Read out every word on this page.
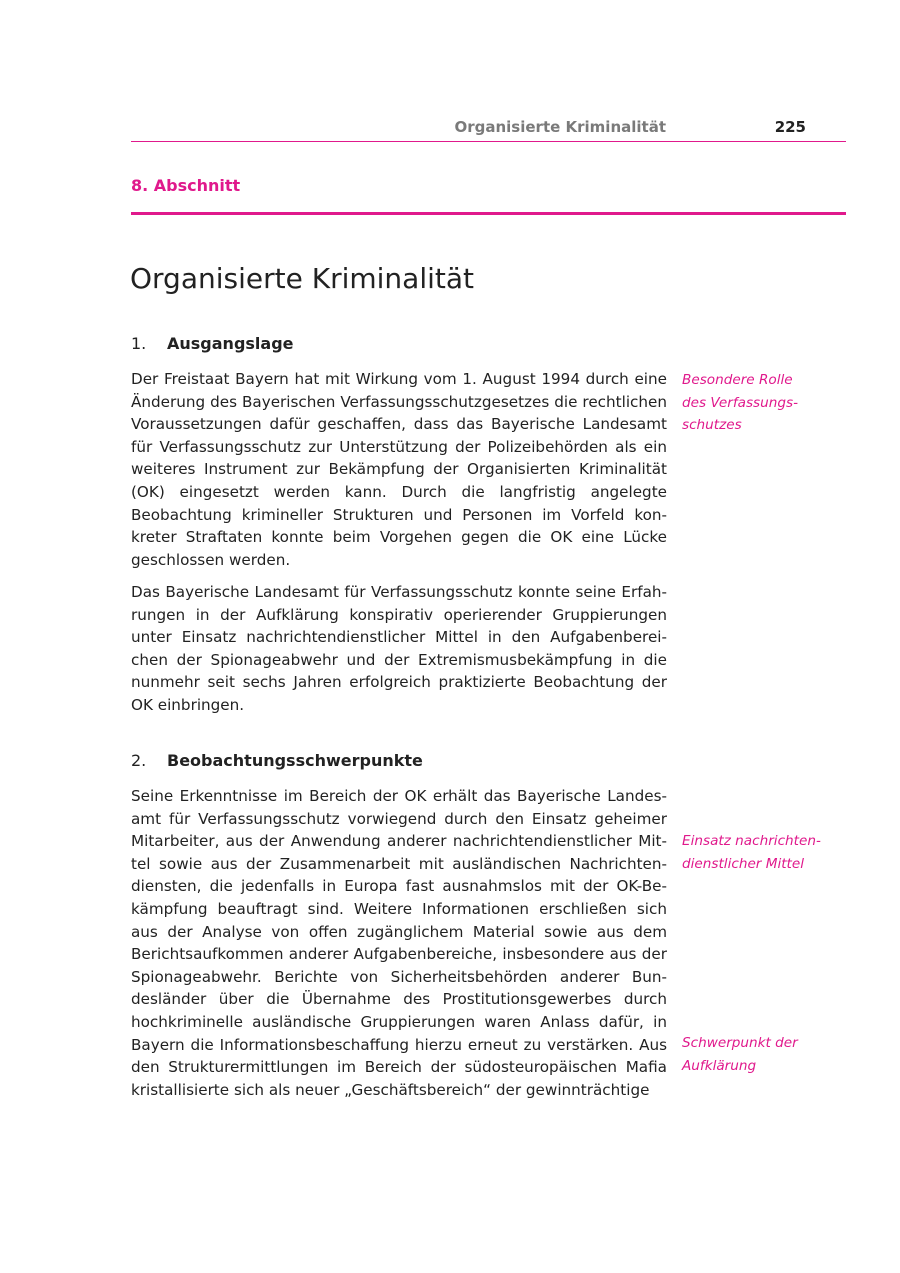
Organisierte Kriminalität	225
8. Abschnitt
Organisierte Kriminalität
1. Ausgangslage

Der Freistaat Bayern hat mit Wirkung vom 1. August 1994 durch eine Änderung des Bayerischen Verfassungsschutzgesetzes die rechtlichen Voraussetzungen dafür geschaffen, dass das Bayerische Landesamt für Verfassungsschutz zur Unterstützung der Polizeibehörden als ein weiteres Instrument zur Bekämpfung der Organisierten Kriminalität (OK) eingesetzt werden kann. Durch die langfristig angelegte Beobachtung krimineller Strukturen und Personen im Vorfeld konkreter Straftaten konnte beim Vorgehen gegen die OK eine Lücke geschlossen werden.

Das Bayerische Landesamt für Verfassungsschutz konnte seine Erfahrungen in der Aufklärung konspirativ operierender Gruppierungen unter Einsatz nachrichtendienstlicher Mittel in den Aufgabenbereichen der Spionageabwehr und der Extremismusbekämpfung in die nunmehr seit sechs Jahren erfolgreich praktizierte Beobachtung der OK einbringen.

Besondere Rolle
des Verfassungs-
schutzes
2. Beobachtungsschwerpunkte

Seine Erkenntnisse im Bereich der OK erhält das Bayerische Landesamt für Verfassungsschutz vorwiegend durch den Einsatz geheimer Mitarbeiter, aus der Anwendung anderer nachrichtendienstlicher Mittel sowie aus der Zusammenarbeit mit ausländischen Nachrichtendiensten, die jedenfalls in Europa fast ausnahmslos mit der OK-Bekämpfung beauftragt sind. Weitere Informationen erschließen sich aus der Analyse von offen zugänglichem Material sowie aus dem Berichtsaufkommen anderer Aufgabenbereiche, insbesondere aus der Spionageabwehr. Berichte von Sicherheitsbehörden anderer Bundesländer über die Übernahme des Prostitutionsgewerbes durch hochkriminelle ausländische Gruppierungen waren Anlass dafür, in Bayern die Informationsbeschaffung hierzu erneut zu verstärken. Aus den Strukturermittlungen im Bereich der südosteuropäischen Mafia kristallisierte sich als neuer „Geschäftsbereich“ der gewinnträchtige

Einsatz nachrichten-
dienstlicher Mittel
Schwerpunkt der
Aufklärung
